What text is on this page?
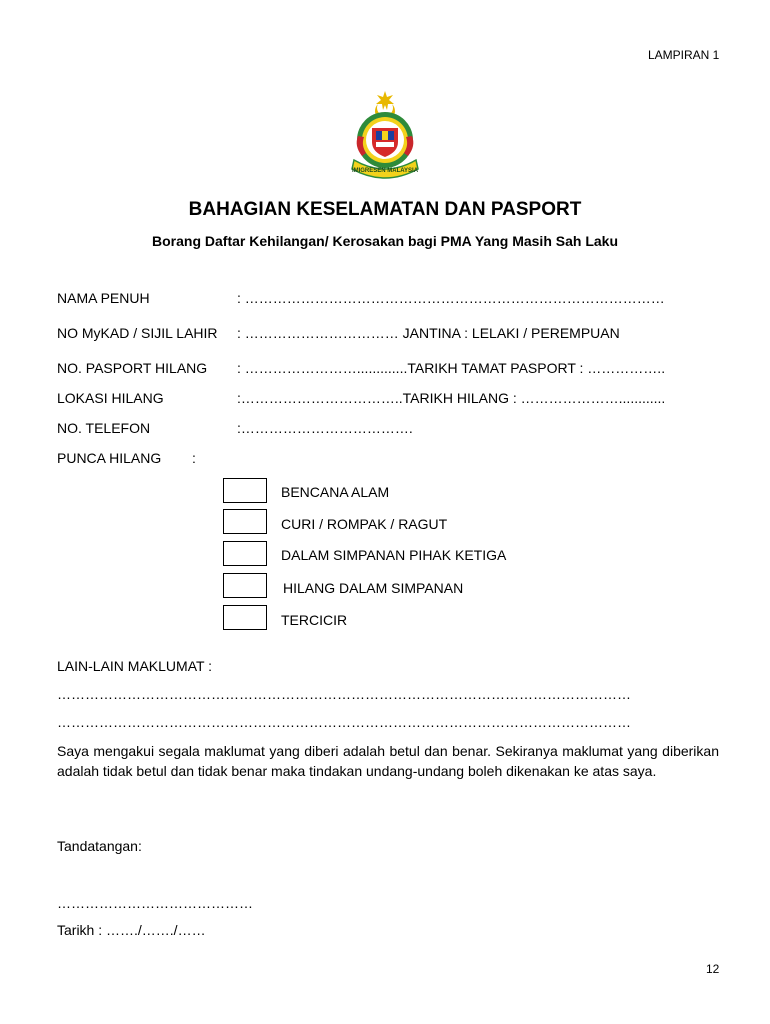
LAMPIRAN 1
IMIGRESEN MALAYSIA
BAHAGIAN KESELAMATAN DAN PASPORT
Borang Daftar Kehilangan/ Kerosakan bagi PMA Yang Masih Sah Laku
NAMA PENUH	: ………………………………………………………………………………
NO MyKAD / SIJIL LAHIR : …………………………… JANTINA : LELAKI / PEREMPUAN
NO. PASPORT HILANG : …………………….............TARIKH TAMAT PASPORT : ……………..
LOKASI HILANG	:……………………………..TARIKH HILANG : …………………............
NO. TELEFON	:……………………………….
PUNCA HILANG :
BENCANA ALAM
CURI / ROMPAK / RAGUT
DALAM SIMPANAN PIHAK KETIGA
HILANG DALAM SIMPANAN
TERCICIR
LAIN-LAIN MAKLUMAT :
……………………………………………………………………………………………………………
……………………………………………………………………………………………………………
Saya mengakui segala maklumat yang diberi adalah betul dan benar. Sekiranya maklumat yang diberikan adalah tidak betul dan tidak benar maka tindakan undang-undang boleh dikenakan ke atas saya.
Tandatangan:
……………………………………
Tarikh : ……./……./……
12
